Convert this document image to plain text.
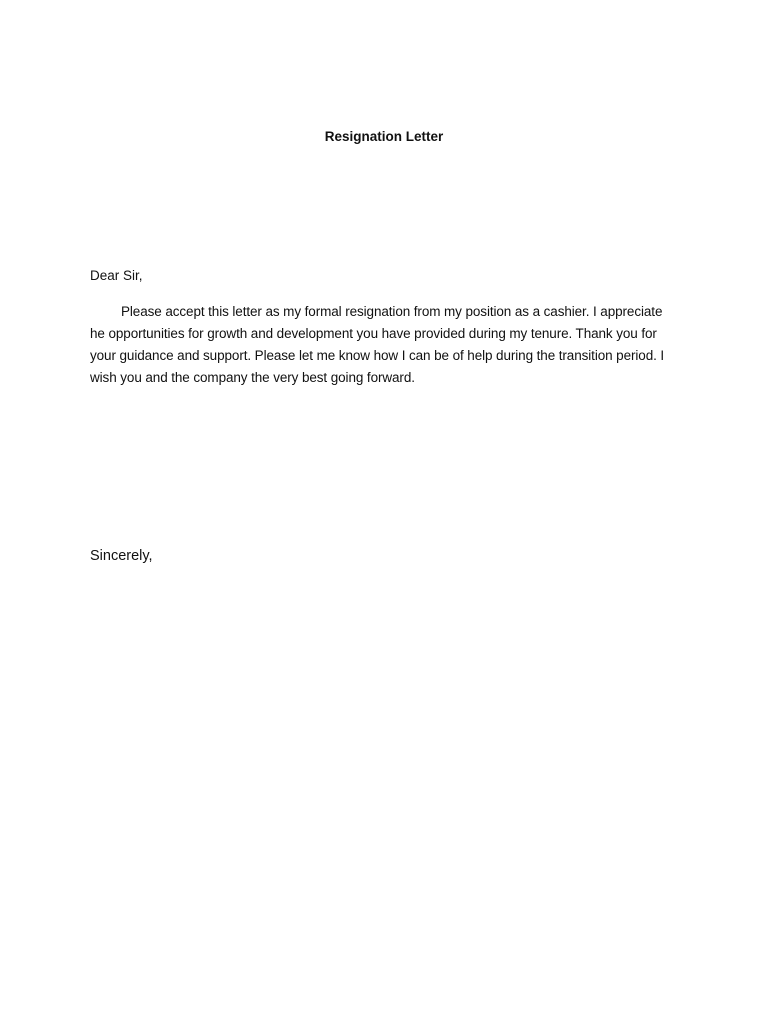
Resignation Letter
Dear Sir,

Please accept this letter as my formal resignation from my position as a cashier. I appreciate he opportunities for growth and development you have provided during my tenure. Thank you for your guidance and support. Please let me know how I can be of help during the transition period. I wish you and the company the very best going forward.

Sincerely,
